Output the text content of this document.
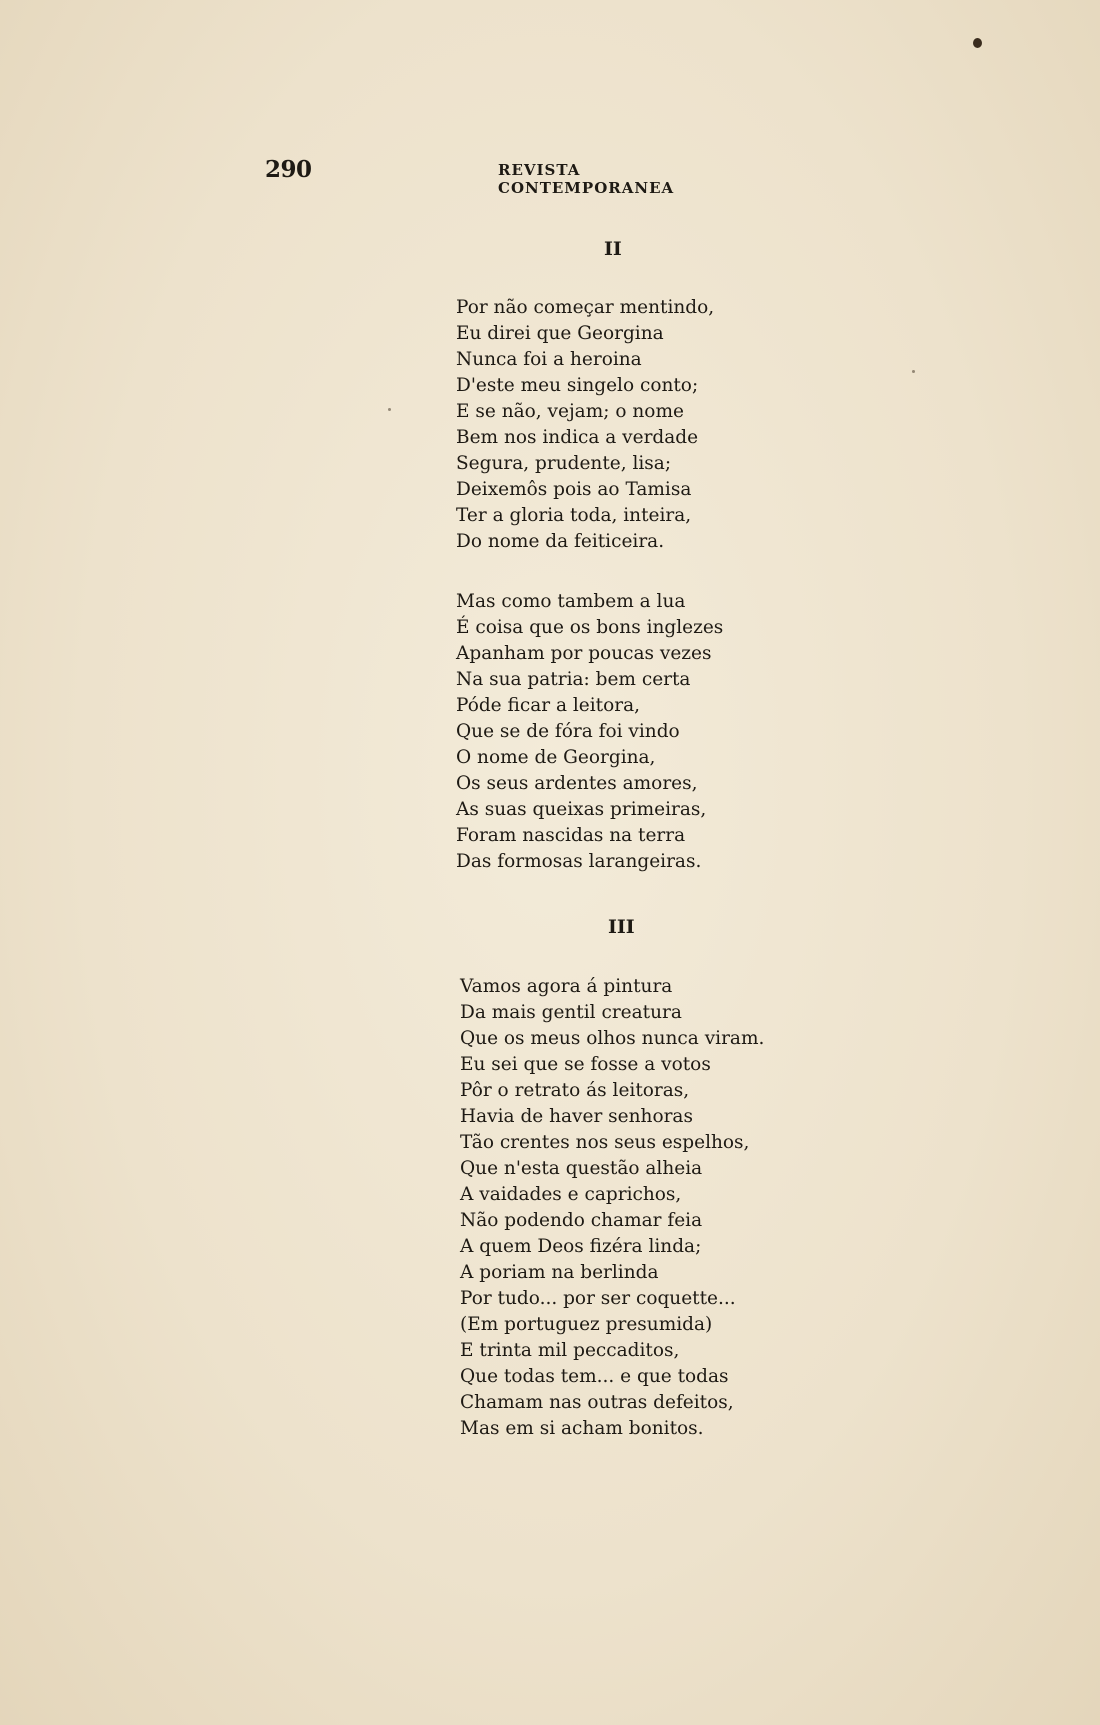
290	REVISTA CONTEMPORANEA
II
Por não começar mentindo,
Eu direi que Georgina
Nunca foi a heroina
D'este meu singelo conto;
E se não, vejam; o nome
Bem nos indica a verdade
Segura, prudente, lisa;
Deixemôs pois ao Tamisa
Ter a gloria toda, inteira,
Do nome da feiticeira.
Mas como tambem a lua
É coisa que os bons inglezes
Apanham por poucas vezes
Na sua patria: bem certa
Póde ficar a leitora,
Que se de fóra foi vindo
O nome de Georgina,
Os seus ardentes amores,
As suas queixas primeiras,
Foram nascidas na terra
Das formosas larangeiras.
III
Vamos agora á pintura
Da mais gentil creatura
Que os meus olhos nunca viram.
Eu sei que se fosse a votos
Pôr o retrato ás leitoras,
Havia de haver senhoras
Tão crentes nos seus espelhos,
Que n'esta questão alheia
A vaidades e caprichos,
Não podendo chamar feia
A quem Deos fizéra linda;
A poriam na berlinda
Por tudo... por ser coquette...
(Em portuguez presumida)
E trinta mil peccaditos,
Que todas tem... e que todas
Chamam nas outras defeitos,
Mas em si acham bonitos.
